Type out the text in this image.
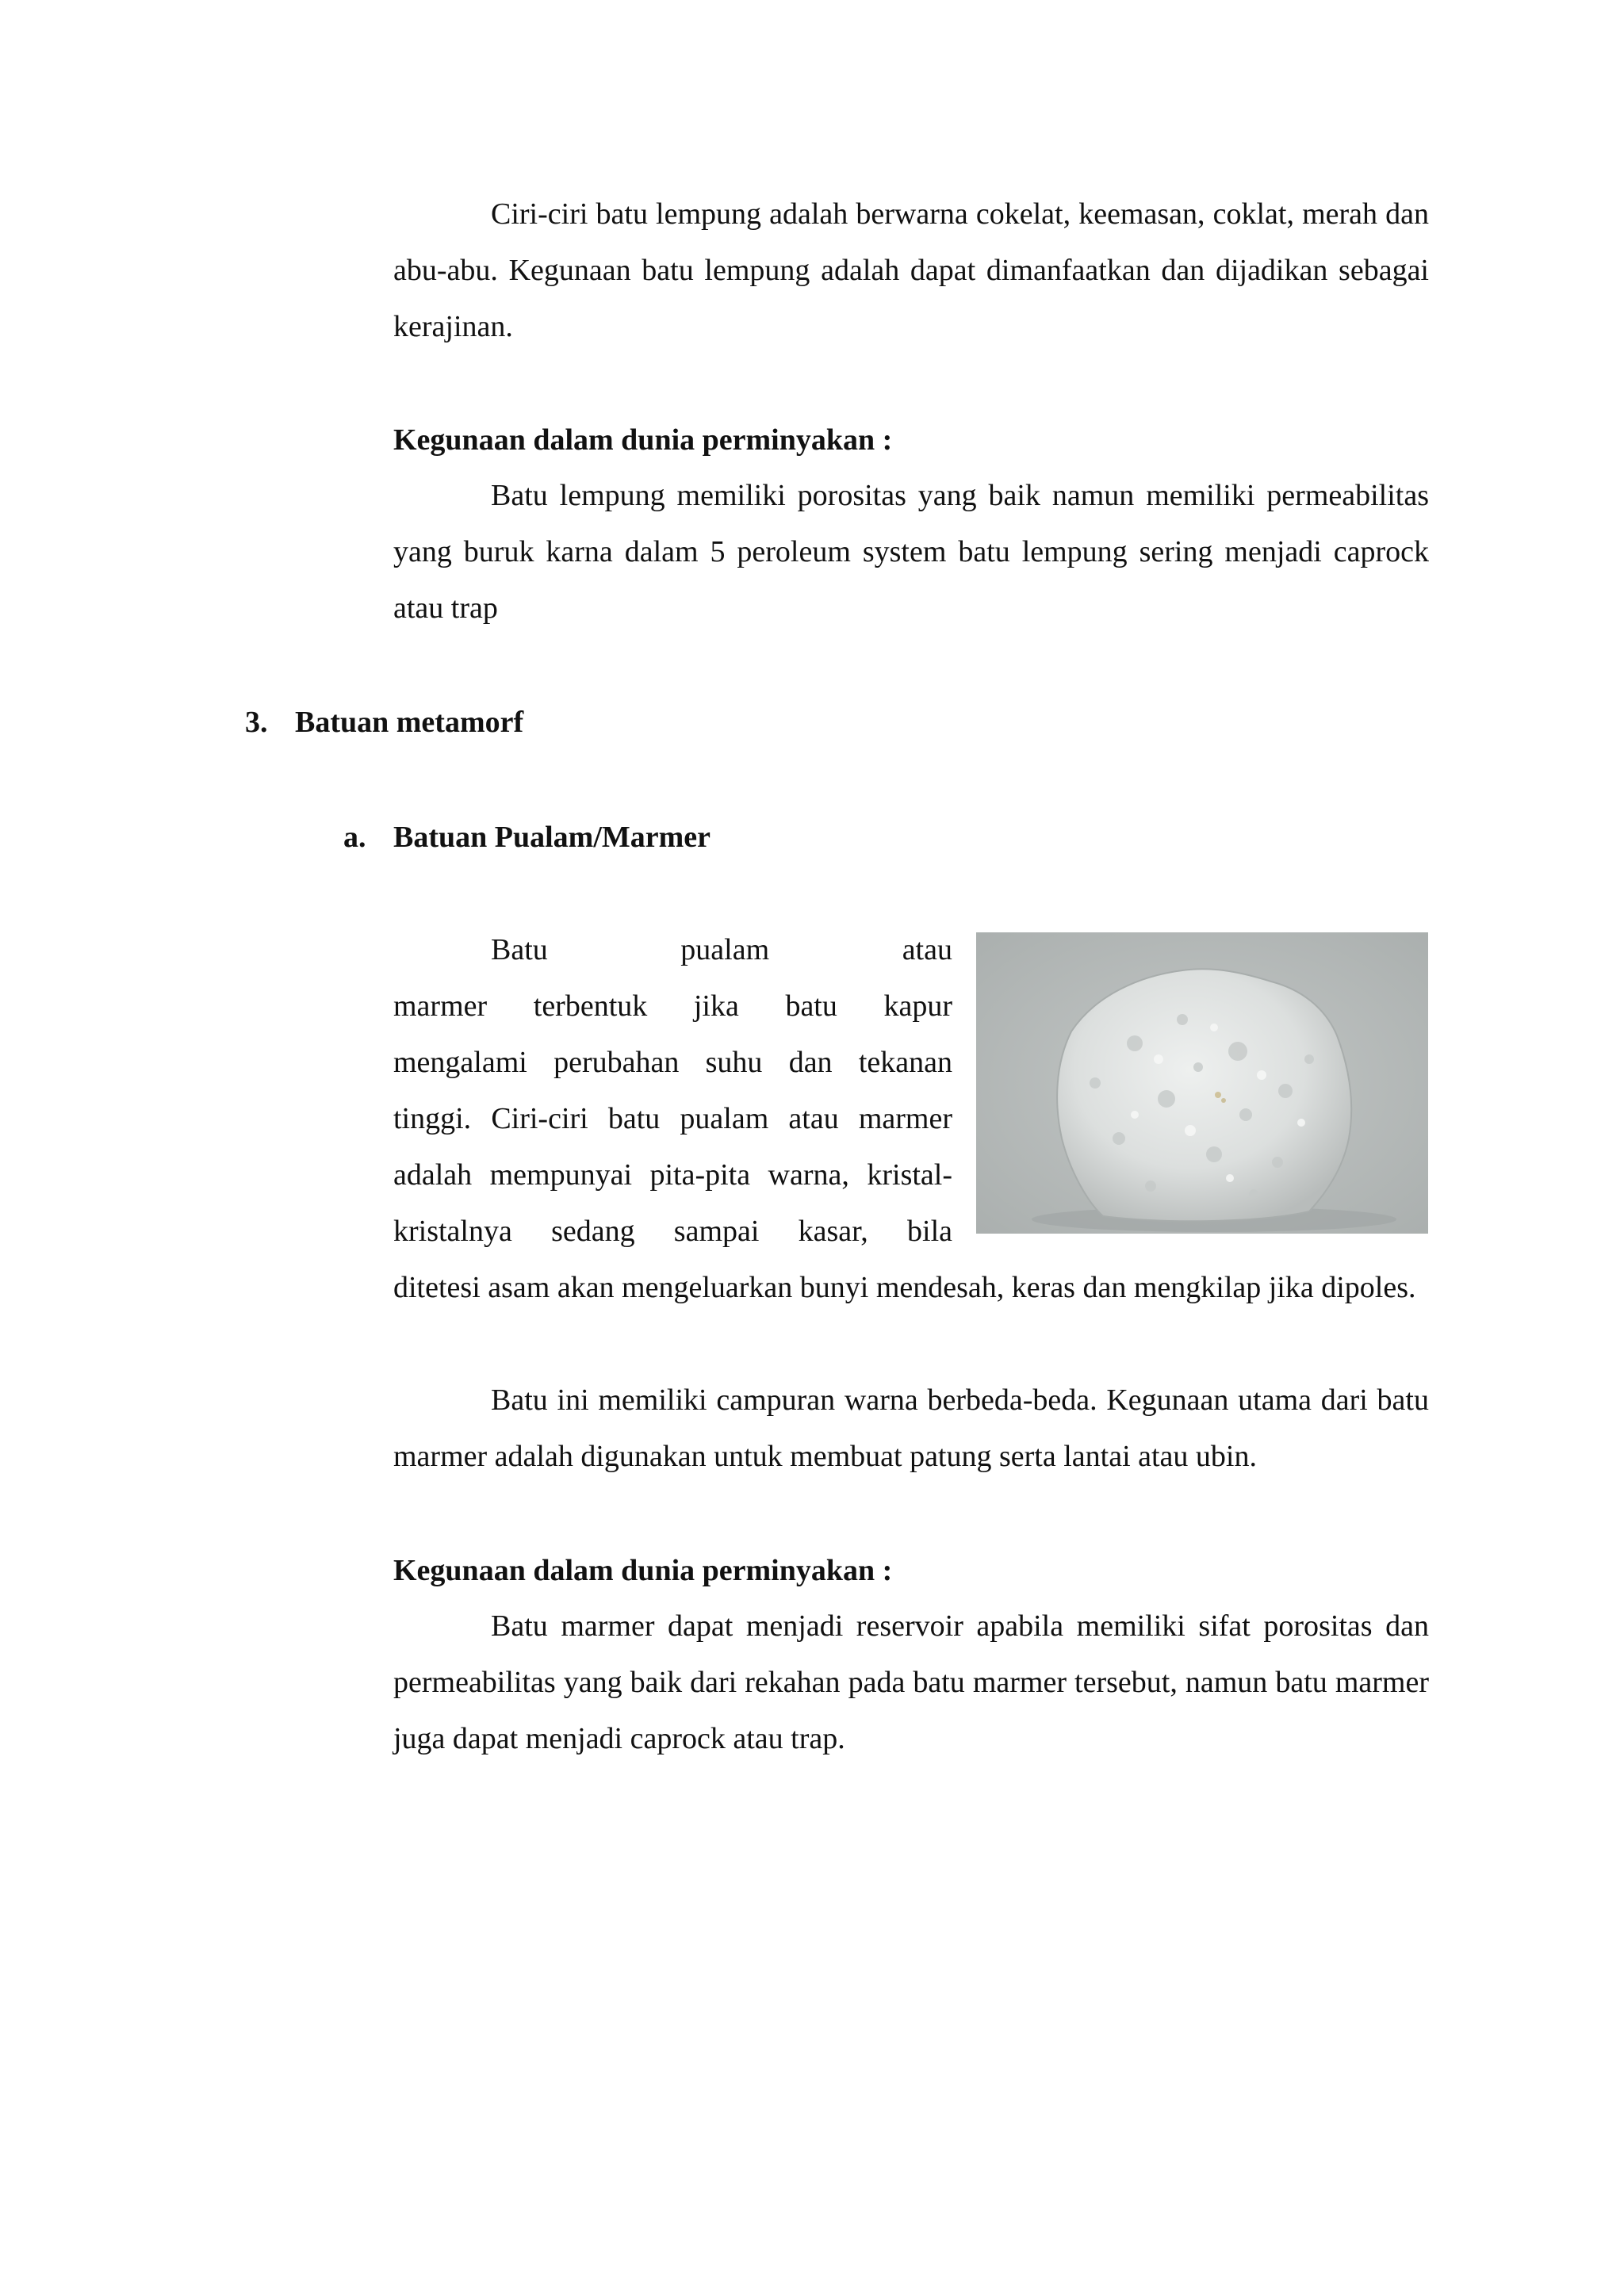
Ciri-ciri batu lempung adalah berwarna cokelat, keemasan, coklat, merah dan abu-abu. Kegunaan batu lempung adalah dapat dimanfaatkan dan dijadikan sebagai kerajinan.
Kegunaan dalam dunia perminyakan :
Batu lempung memiliki porositas yang baik namun memiliki permeabilitas yang buruk karna dalam 5 peroleum system batu lempung sering menjadi caprock atau trap
3. Batuan metamorf
a. Batuan Pualam/Marmer
Batu pualam atau
marmer terbentuk jika batu kapur
mengalami perubahan suhu dan tekanan
tinggi. Ciri-ciri batu pualam atau marmer
adalah mempunyai pita-pita warna, kristal-
kristalnya sedang sampai kasar, bila
ditetesi asam akan mengeluarkan bunyi mendesah, keras dan mengkilap jika dipoles.
Batu ini memiliki campuran warna berbeda-beda. Kegunaan utama dari batu marmer adalah digunakan untuk membuat patung serta lantai atau ubin.
Kegunaan dalam dunia perminyakan :
Batu marmer dapat menjadi reservoir apabila memiliki sifat porositas dan permeabilitas yang baik dari rekahan pada batu marmer tersebut, namun batu marmer juga dapat menjadi caprock atau trap.
